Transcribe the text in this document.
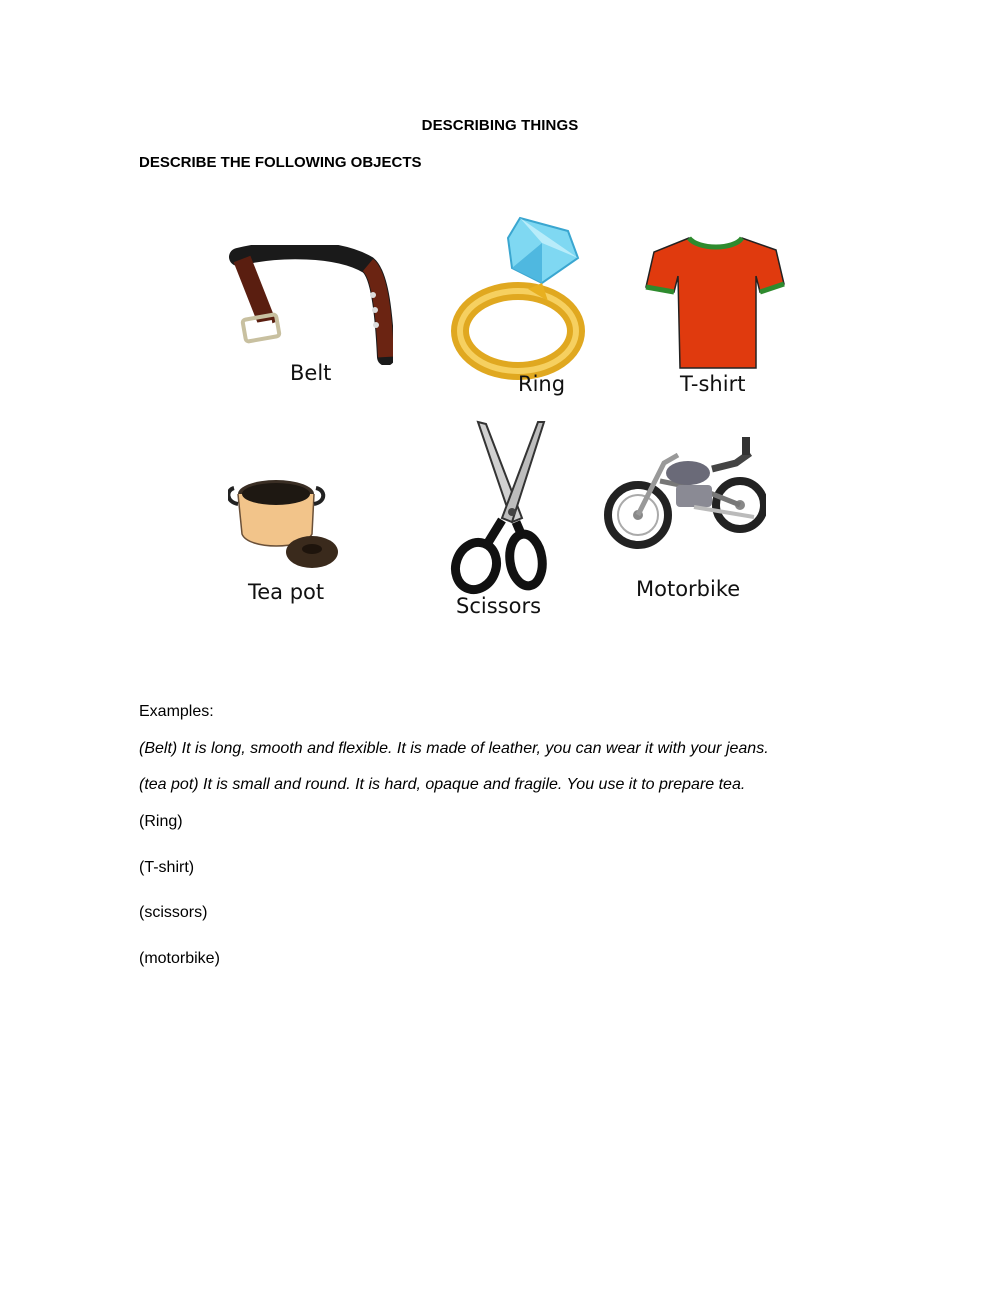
DESCRIBING THINGS
DESCRIBE THE FOLLOWING OBJECTS
Belt	Ring	T-shirt
Tea pot
Scissors
Motorbike
Examples:
(Belt) It is long, smooth and flexible. It is made of leather, you can wear it with your jeans.
(tea pot) It is small and round. It is hard, opaque and fragile. You use it to prepare tea.
(Ring)
(T-shirt)
(scissors)
(motorbike)
